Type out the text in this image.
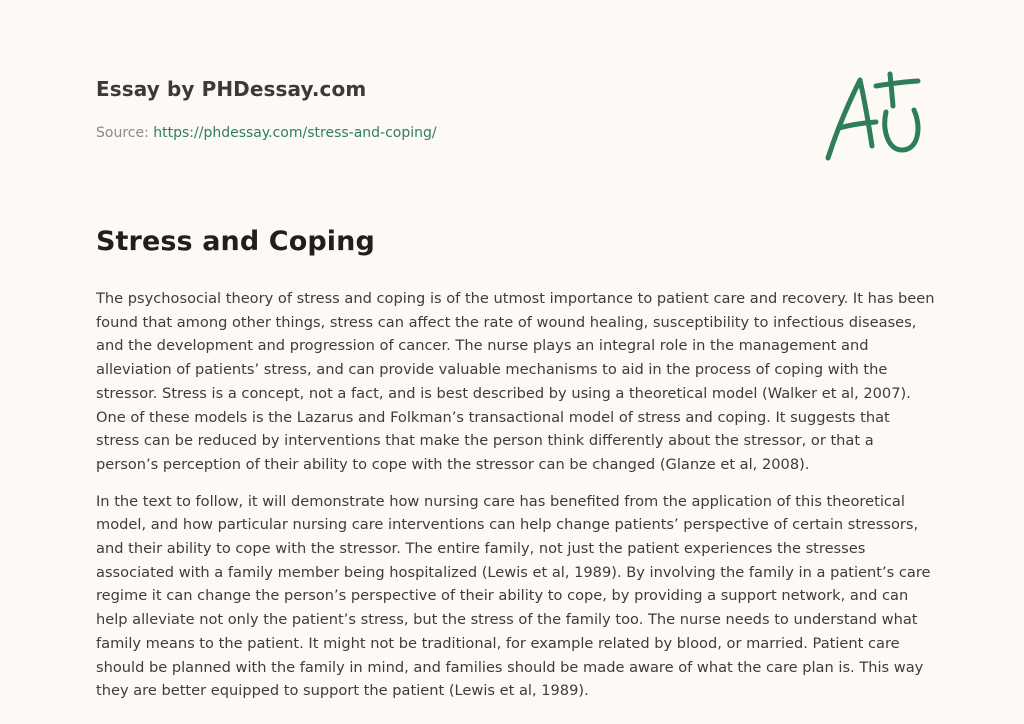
Essay by PHDessay.com
Source: https://phdessay.com/stress-and-coping/
Stress and Coping

The psychosocial theory of stress and coping is of the utmost importance to patient care and recovery. It has been found that among other things, stress can affect the rate of wound healing, susceptibility to infectious diseases, and the development and progression of cancer. The nurse plays an integral role in the management and alleviation of patients’ stress, and can provide valuable mechanisms to aid in the process of coping with the stressor. Stress is a concept, not a fact, and is best described by using a theoretical model (Walker et al, 2007). One of these models is the Lazarus and Folkman’s transactional model of stress and coping. It suggests that stress can be reduced by interventions that make the person think differently about the stressor, or that a person’s perception of their ability to cope with the stressor can be changed (Glanze et al, 2008).

In the text to follow, it will demonstrate how nursing care has benefited from the application of this theoretical model, and how particular nursing care interventions can help change patients’ perspective of certain stressors, and their ability to cope with the stressor. The entire family, not just the patient experiences the stresses associated with a family member being hospitalized (Lewis et al, 1989). By involving the family in a patient’s care regime it can change the person’s perspective of their ability to cope, by providing a support network, and can help alleviate not only the patient’s stress, but the stress of the family too. The nurse needs to understand what family means to the patient. It might not be traditional, for example related by blood, or married. Patient care should be planned with the family in mind, and families should be made aware of what the care plan is. This way they are better equipped to support the patient (Lewis et al, 1989).
